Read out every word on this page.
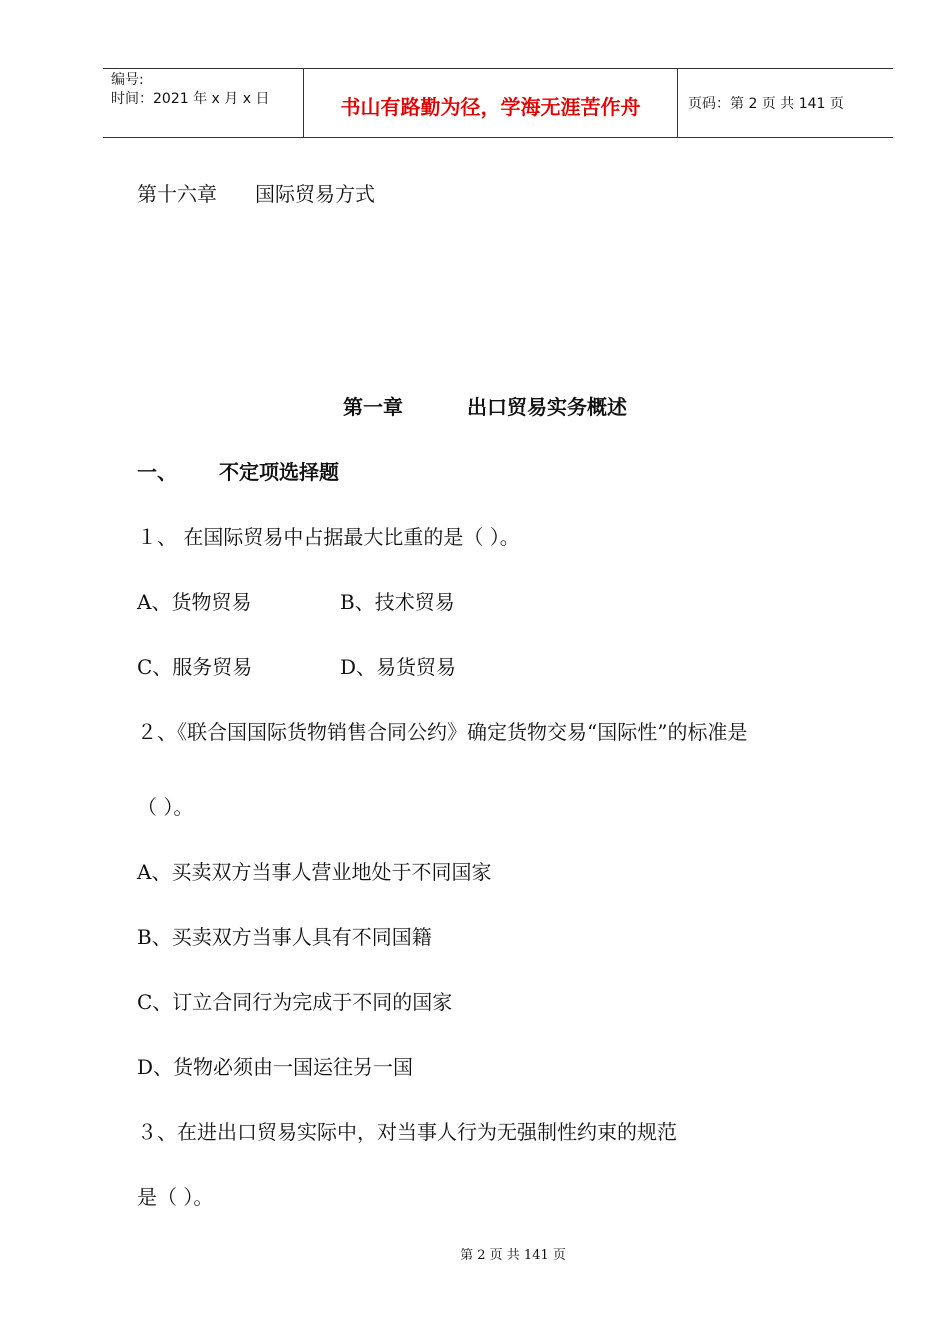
编号:
时间：2021 年 x 月 x 日	书山有路勤为径，学海无涯苦作舟	页码：第 2 页 共 141 页
第十六章 国际贸易方式
第一章	出口贸易实务概述
一、 不定项选择题
１、 在国际贸易中占据最大比重的是（ ）。
A、货物贸易	B、技术贸易
C、服务贸易	D、易货贸易
２、《联合国国际货物销售合同公约》确定货物交易“国际性”的标准是
（ ）。
A、买卖双方当事人营业地处于不同国家
B、买卖双方当事人具有不同国籍
C、订立合同行为完成于不同的国家
D、货物必须由一国运往另一国
３、在进出口贸易实际中，对当事人行为无强制性约束的规范
是（ ）。
第 2 页 共 141 页
